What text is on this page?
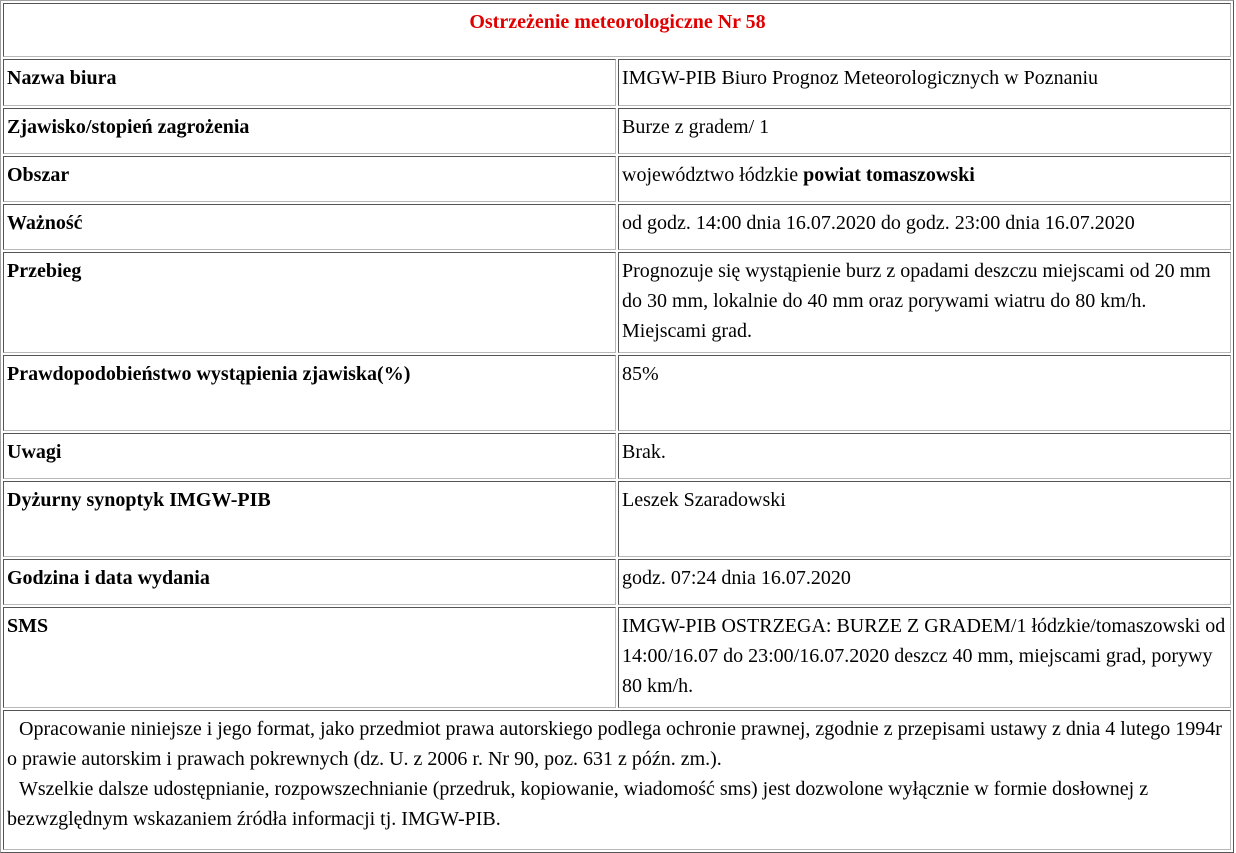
Ostrzeżenie meteorologiczne Nr 58	
Nazwa biura	IMGW-PIB Biuro Prognoz Meteorologicznych w Poznaniu
Zjawisko/stopień zagrożenia	Burze z gradem/ 1
Obszar	województwo łódzkie powiat tomaszowski
Ważność	od godz. 14:00 dnia 16.07.2020 do godz. 23:00 dnia 16.07.2020
Przebieg	Prognozuje się wystąpienie burz z opadami deszczu miejscami od 20 mm do 30 mm, lokalnie do 40 mm oraz porywami wiatru do 80 km/h. Miejscami grad.
Prawdopodobieństwo wystąpienia zjawiska(%)	85%
Uwagi	Brak.
Dyżurny synoptyk IMGW-PIB	Leszek Szaradowski
Godzina i data wydania	godz. 07:24 dnia 16.07.2020
SMS	IMGW-PIB OSTRZEGA: BURZE Z GRADEM/1 łódzkie/tomaszowski od 14:00/16.07 do 23:00/16.07.2020 deszcz 40 mm, miejscami grad, porywy 80 km/h.

Opracowanie niniejsze i jego format, jako przedmiot prawa autorskiego podlega ochronie prawnej, zgodnie z przepisami ustawy z dnia 4 lutego 1994r o prawie autorskim i prawach pokrewnych (dz. U. z 2006 r. Nr 90, poz. 631 z późn. zm.).
Wszelkie dalsze udostępnianie, rozpowszechnianie (przedruk, kopiowanie, wiadomość sms) jest dozwolone wyłącznie w formie dosłownej z bezwzględnym wskazaniem źródła informacji tj. IMGW-PIB.	
